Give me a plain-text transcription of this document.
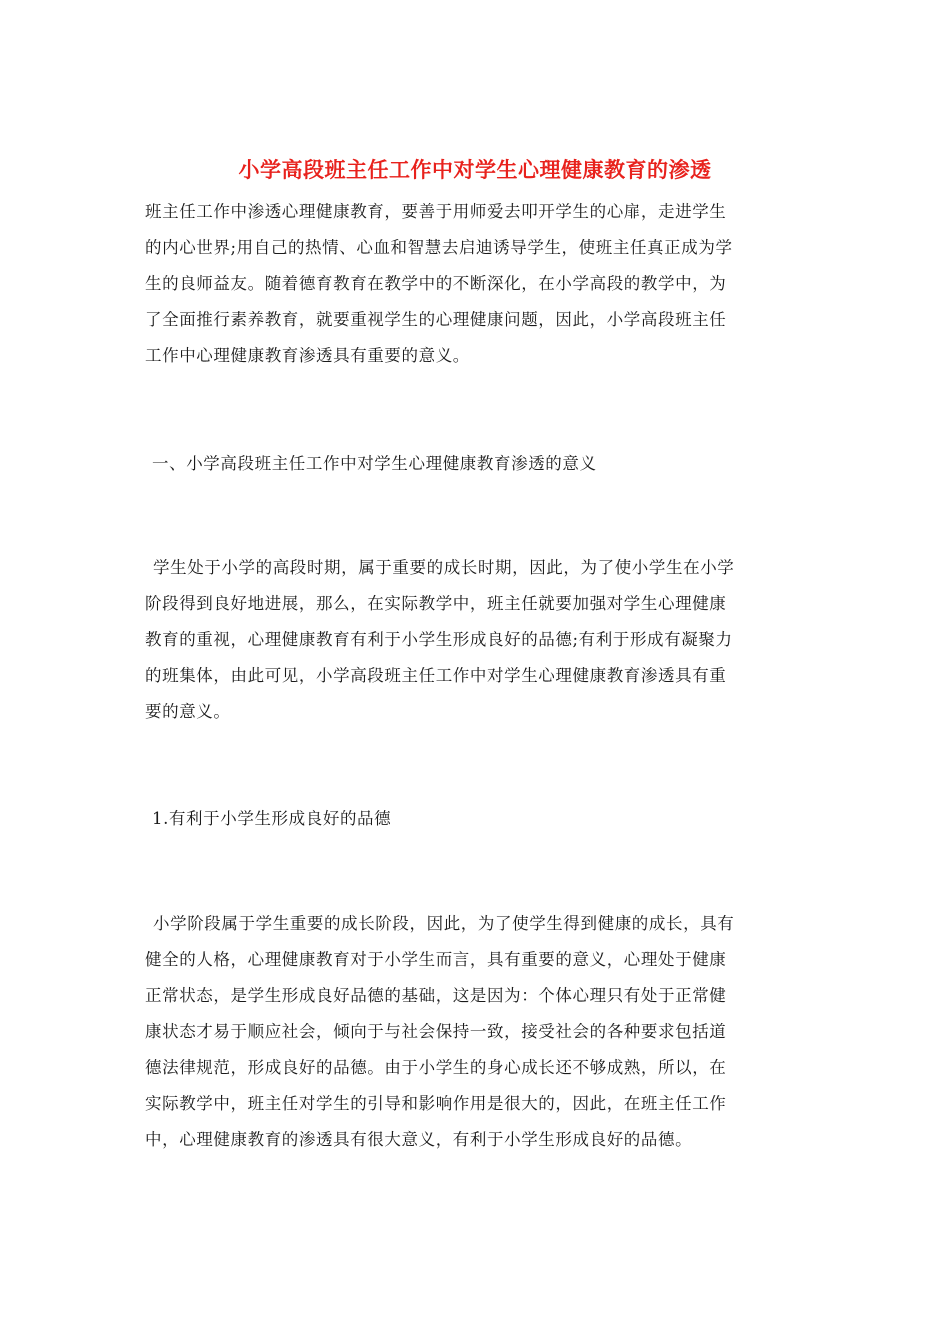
小学高段班主任工作中对学生心理健康教育的渗透
班主任工作中渗透心理健康教育，要善于用师爱去叩开学生的心扉，走进学生
的内心世界;用自己的热情、心血和智慧去启迪诱导学生，使班主任真正成为学
生的良师益友。随着德育教育在教学中的不断深化，在小学高段的教学中，为
了全面推行素养教育，就要重视学生的心理健康问题，因此，小学高段班主任
工作中心理健康教育渗透具有重要的意义。
一、小学高段班主任工作中对学生心理健康教育渗透的意义
学生处于小学的高段时期，属于重要的成长时期，因此，为了使小学生在小学
阶段得到良好地进展，那么，在实际教学中，班主任就要加强对学生心理健康
教育的重视，心理健康教育有利于小学生形成良好的品德;有利于形成有凝聚力
的班集体，由此可见，小学高段班主任工作中对学生心理健康教育渗透具有重
要的意义。
1.有利于小学生形成良好的品德
小学阶段属于学生重要的成长阶段，因此，为了使学生得到健康的成长，具有
健全的人格，心理健康教育对于小学生而言，具有重要的意义，心理处于健康
正常状态，是学生形成良好品德的基础，这是因为：个体心理只有处于正常健
康状态才易于顺应社会，倾向于与社会保持一致，接受社会的各种要求包括道
德法律规范，形成良好的品德。由于小学生的身心成长还不够成熟，所以，在
实际教学中，班主任对学生的引导和影响作用是很大的，因此，在班主任工作
中，心理健康教育的渗透具有很大意义，有利于小学生形成良好的品德。
